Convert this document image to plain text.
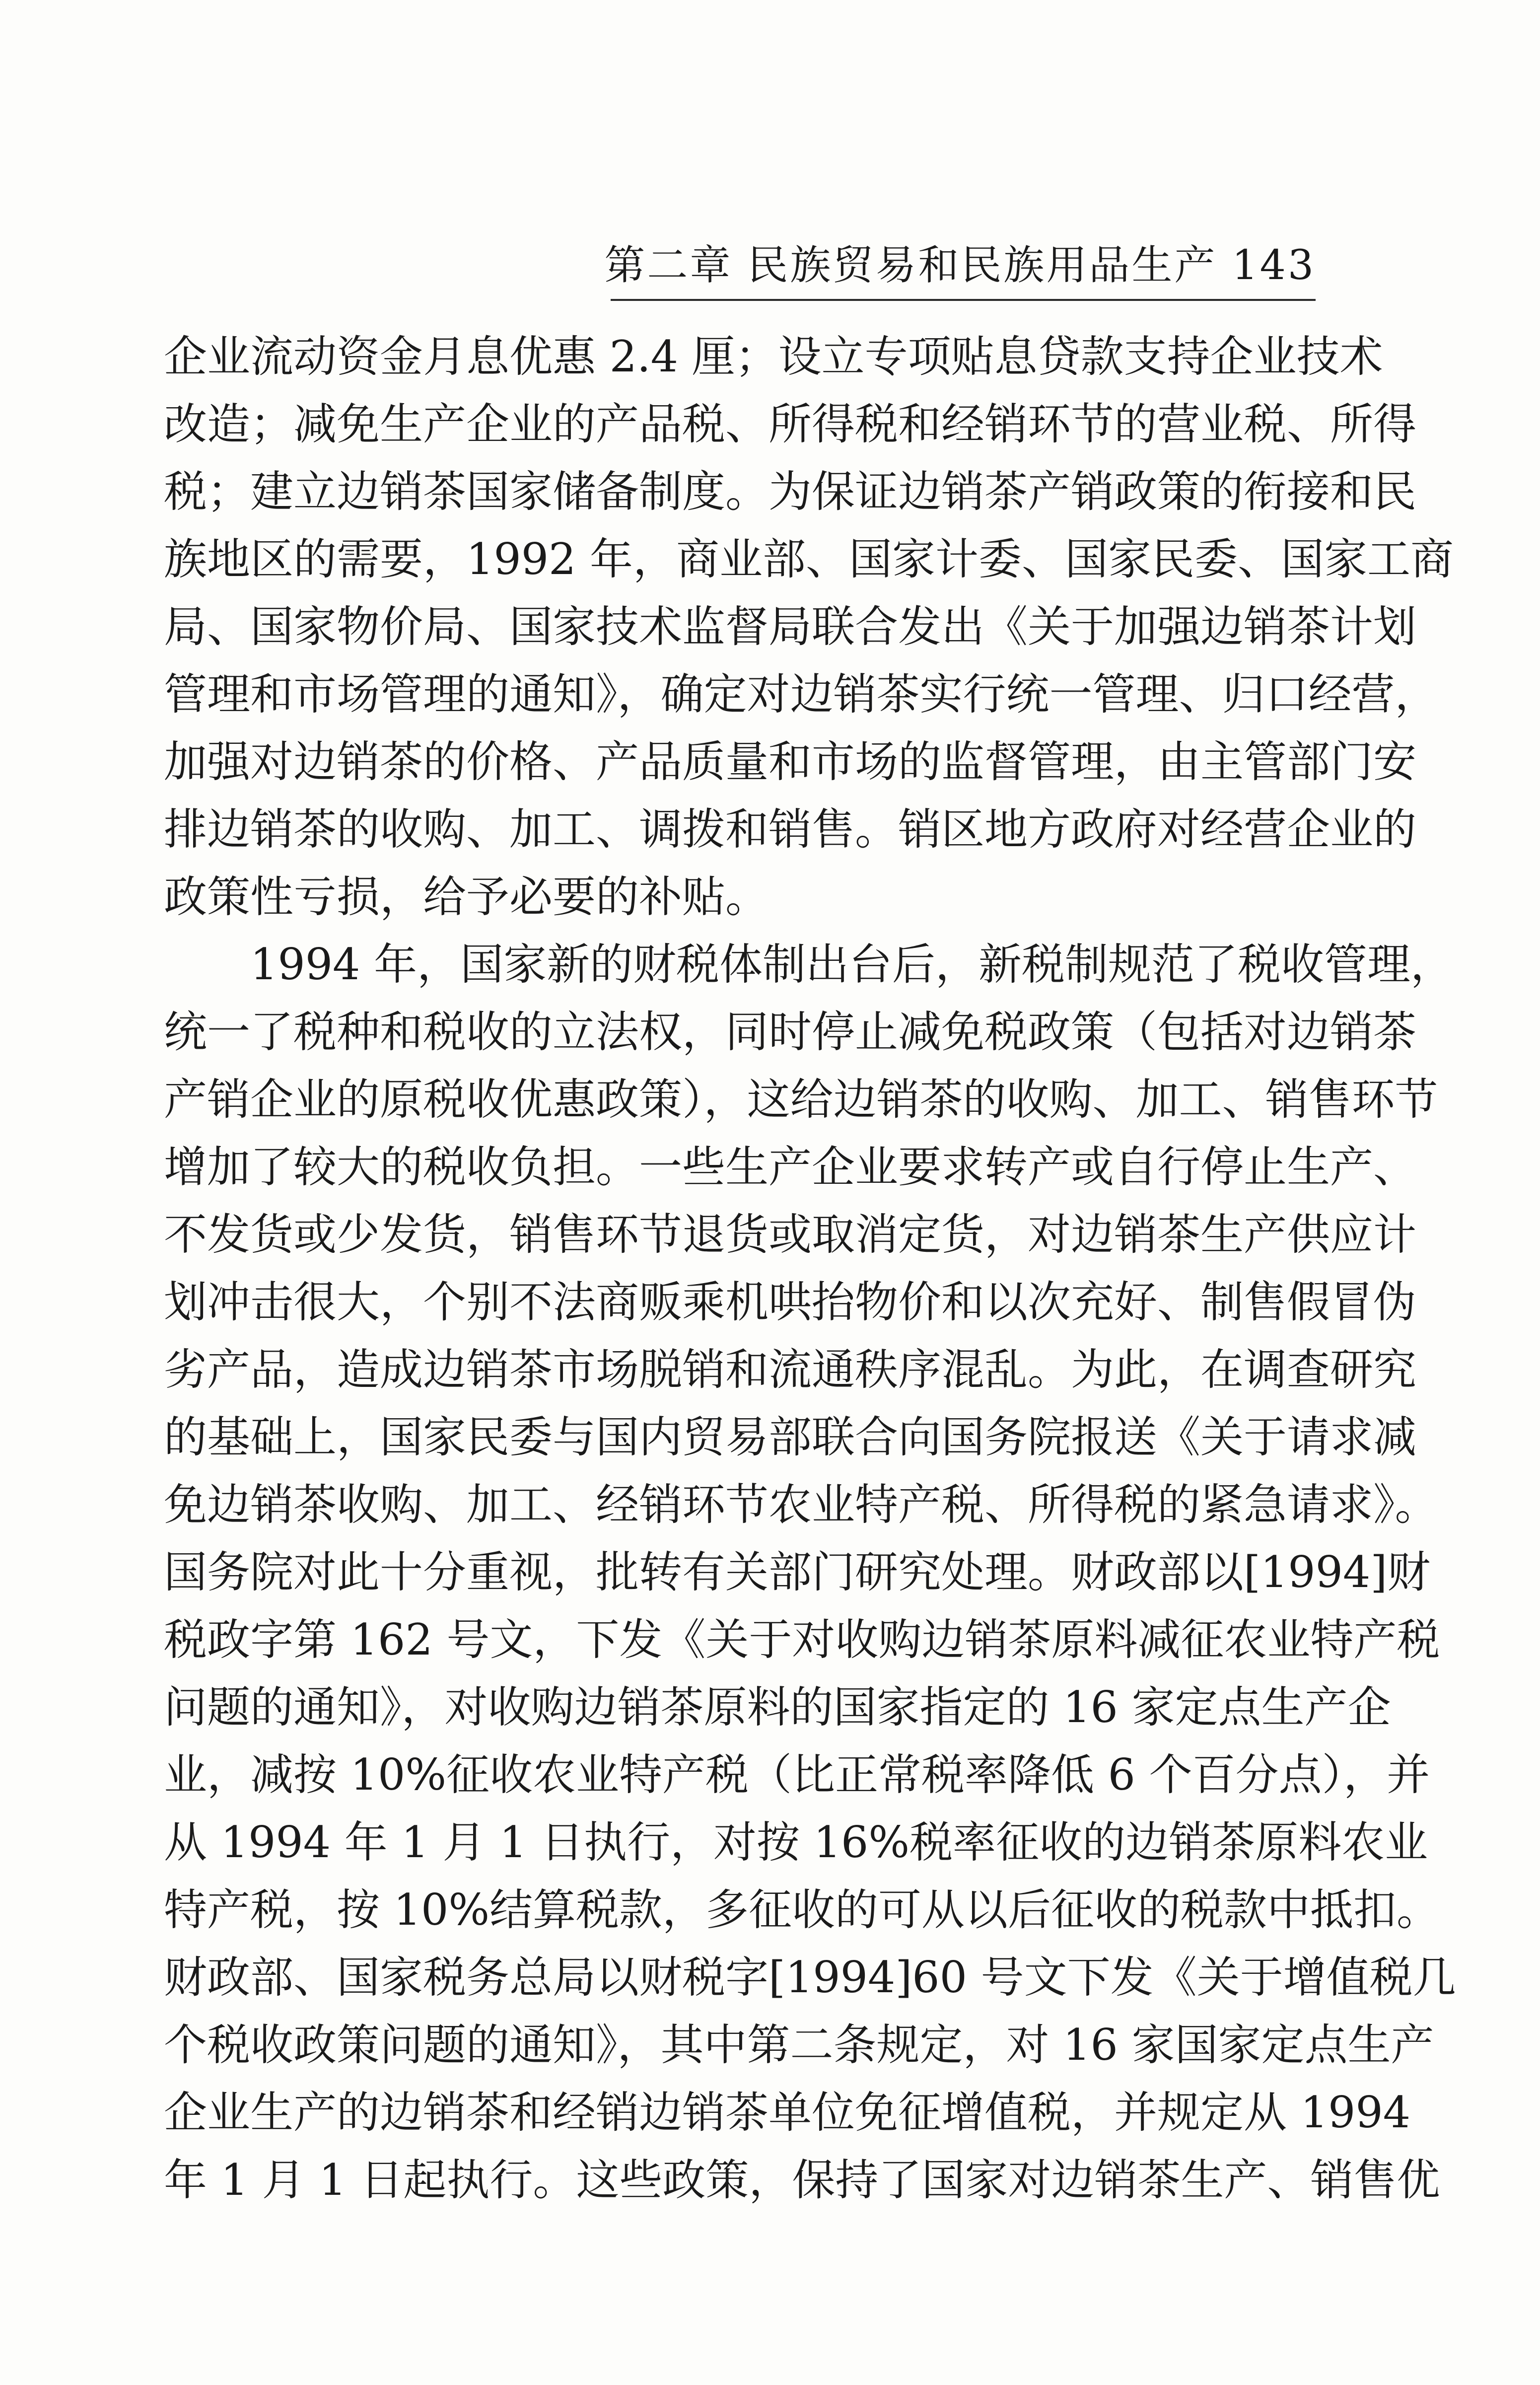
第二章 民族贸易和民族用品生产 143
企业流动资金月息优惠 2.4 厘；设立专项贴息贷款支持企业技术
改造；减免生产企业的产品税、所得税和经销环节的营业税、所得
税；建立边销茶国家储备制度。为保证边销茶产销政策的衔接和民
族地区的需要，1992 年，商业部、国家计委、国家民委、国家工商
局、国家物价局、国家技术监督局联合发出《关于加强边销茶计划
管理和市场管理的通知》，确定对边销茶实行统一管理、归口经营，
加强对边销茶的价格、产品质量和市场的监督管理，由主管部门安
排边销茶的收购、加工、调拨和销售。销区地方政府对经营企业的
政策性亏损，给予必要的补贴。
1994 年，国家新的财税体制出台后，新税制规范了税收管理，
统一了税种和税收的立法权，同时停止减免税政策（包括对边销茶
产销企业的原税收优惠政策），这给边销茶的收购、加工、销售环节
增加了较大的税收负担。一些生产企业要求转产或自行停止生产、
不发货或少发货，销售环节退货或取消定货，对边销茶生产供应计
划冲击很大，个别不法商贩乘机哄抬物价和以次充好、制售假冒伪
劣产品，造成边销茶市场脱销和流通秩序混乱。为此，在调查研究
的基础上，国家民委与国内贸易部联合向国务院报送《关于请求减
免边销茶收购、加工、经销环节农业特产税、所得税的紧急请求》。
国务院对此十分重视，批转有关部门研究处理。财政部以[1994]财
税政字第 162 号文，下发《关于对收购边销茶原料减征农业特产税
问题的通知》，对收购边销茶原料的国家指定的 16 家定点生产企
业，减按 10%征收农业特产税（比正常税率降低 6 个百分点），并
从 1994 年 1 月 1 日执行，对按 16%税率征收的边销茶原料农业
特产税，按 10%结算税款，多征收的可从以后征收的税款中抵扣。
财政部、国家税务总局以财税字[1994]60 号文下发《关于增值税几
个税收政策问题的通知》，其中第二条规定，对 16 家国家定点生产
企业生产的边销茶和经销边销茶单位免征增值税，并规定从 1994
年 1 月 1 日起执行。这些政策，保持了国家对边销茶生产、销售优
